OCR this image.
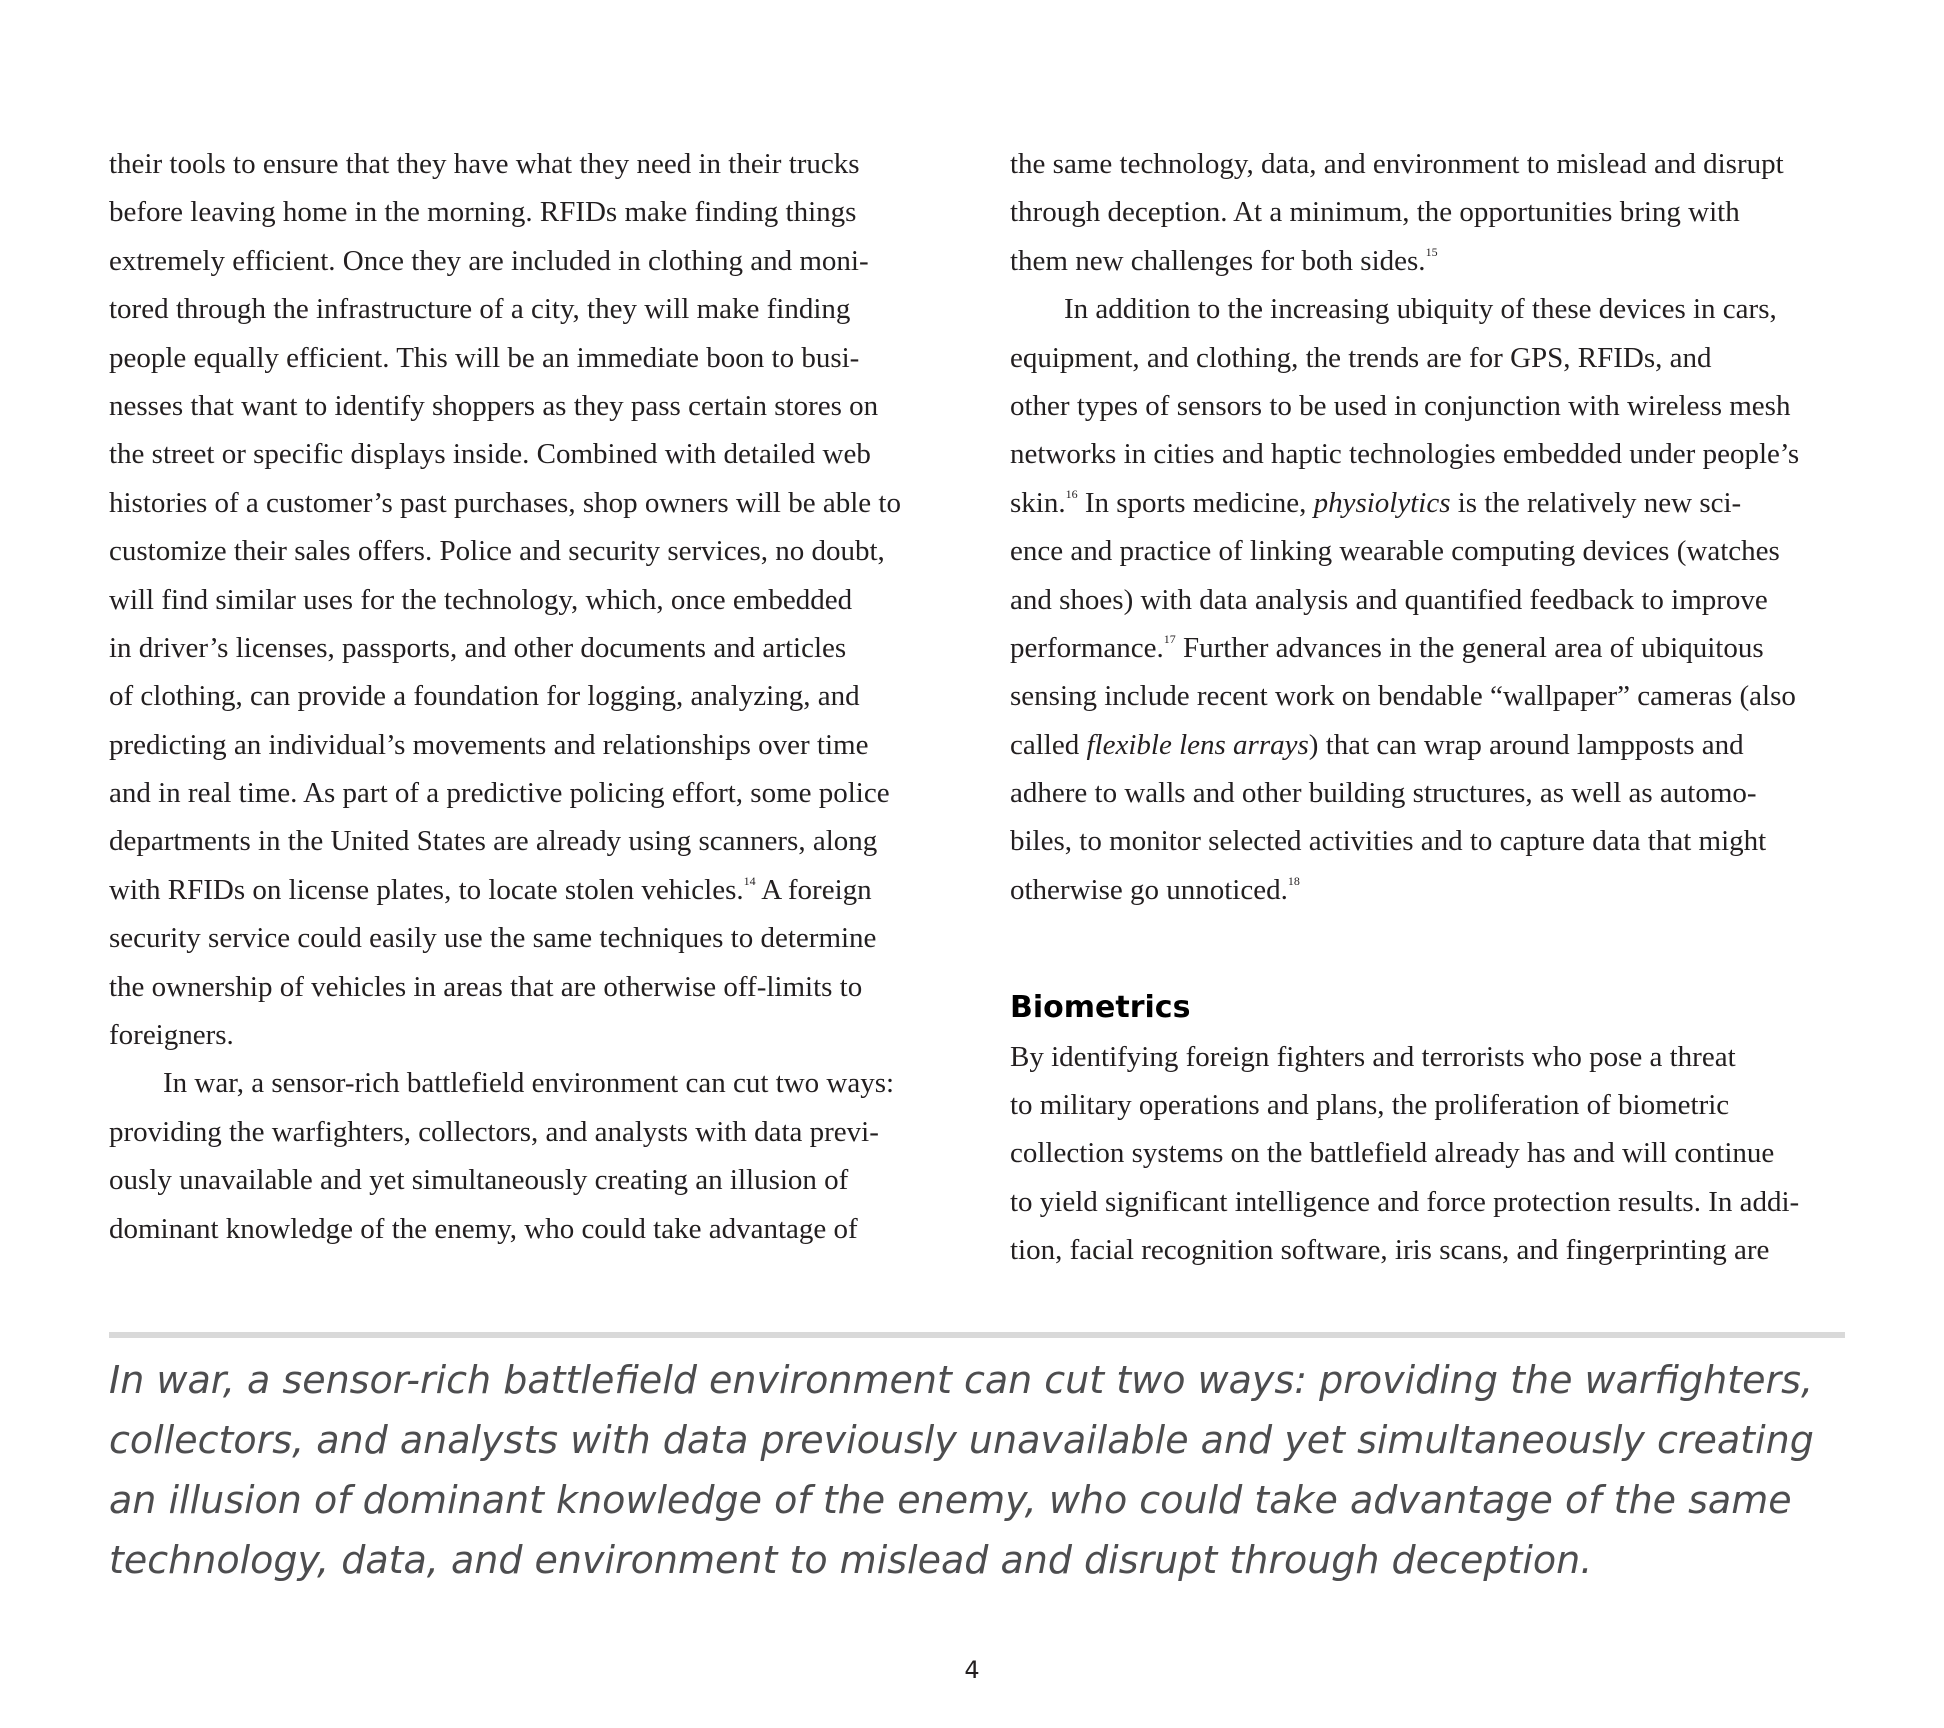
their tools to ensure that they have what they need in their trucks
before leaving home in the morning. RFIDs make finding things
extremely efficient. Once they are included in clothing and moni-
tored through the infrastructure of a city, they will make finding
people equally efficient. This will be an immediate boon to busi-
nesses that want to identify shoppers as they pass certain stores on
the street or specific displays inside. Combined with detailed web
histories of a customer’s past purchases, shop owners will be able to
customize their sales offers. Police and security services, no doubt,
will find similar uses for the technology, which, once embedded
in driver’s licenses, passports, and other documents and articles
of clothing, can provide a foundation for logging, analyzing, and
predicting an individual’s movements and relationships over time
and in real time. As part of a predictive policing effort, some police
departments in the United States are already using scanners, along
with RFIDs on license plates, to locate stolen vehicles.$^{14}$ A foreign
security service could easily use the same techniques to determine
the ownership of vehicles in areas that are otherwise off-limits to
foreigners.
In war, a sensor-rich battlefield environment can cut two ways:
providing the warfighters, collectors, and analysts with data previ-
ously unavailable and yet simultaneously creating an illusion of
dominant knowledge of the enemy, who could take advantage of
the same technology, data, and environment to mislead and disrupt
through deception. At a minimum, the opportunities bring with
them new challenges for both sides.$^{15}$
In addition to the increasing ubiquity of these devices in cars,
equipment, and clothing, the trends are for GPS, RFIDs, and
other types of sensors to be used in conjunction with wireless mesh
networks in cities and haptic technologies embedded under people’s
skin.$^{16}$ In sports medicine, physiolytics is the relatively new sci-
ence and practice of linking wearable computing devices (watches
and shoes) with data analysis and quantified feedback to improve
performance.$^{17}$ Further advances in the general area of ubiquitous
sensing include recent work on bendable “wallpaper” cameras (also
called flexible lens arrays) that can wrap around lampposts and
adhere to walls and other building structures, as well as automo-
biles, to monitor selected activities and to capture data that might
otherwise go unnoticed.$^{18}$
Biometrics
By identifying foreign fighters and terrorists who pose a threat
to military operations and plans, the proliferation of biometric
collection systems on the battlefield already has and will continue
to yield significant intelligence and force protection results. In addi-
tion, facial recognition software, iris scans, and fingerprinting are
In war, a sensor-rich battlefield environment can cut two ways: providing the warfighters,
collectors, and analysts with data previously unavailable and yet simultaneously creating
an illusion of dominant knowledge of the enemy, who could take advantage of the same
technology, data, and environment to mislead and disrupt through deception.
4
